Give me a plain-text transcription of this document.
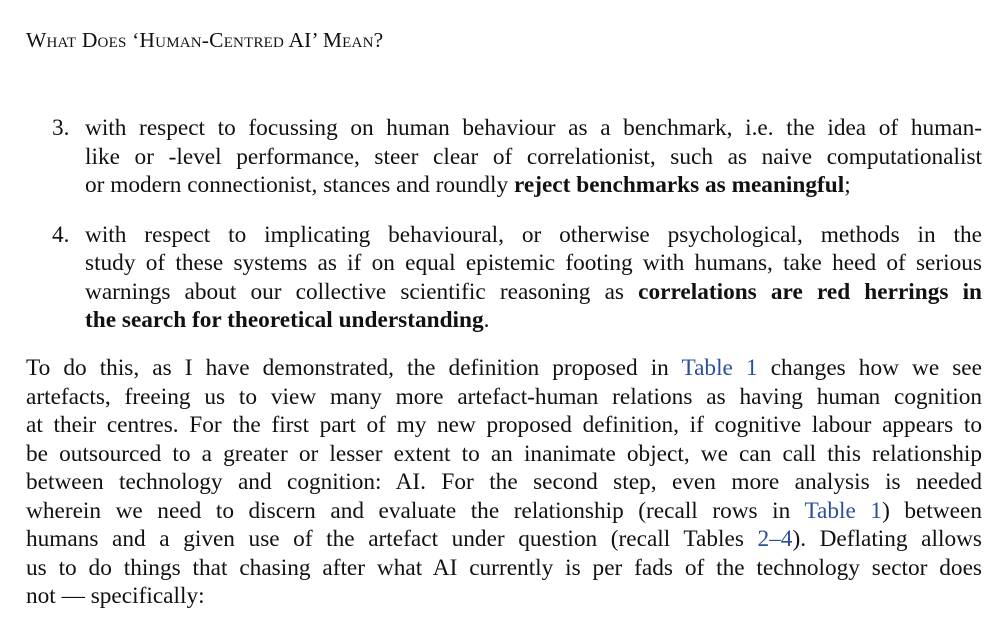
What Does ‘Human-Centred AI’ Mean?
3. with respect to focussing on human behaviour as a benchmark, i.e. the idea of human-
like or -level performance, steer clear of correlationist, such as naive computationalist
or modern connectionist, stances and roundly reject benchmarks as meaningful;
4. with respect to implicating behavioural, or otherwise psychological, methods in the
study of these systems as if on equal epistemic footing with humans, take heed of serious
warnings about our collective scientific reasoning as correlations are red herrings in
the search for theoretical understanding.
To do this, as I have demonstrated, the definition proposed in Table 1 changes how we see
artefacts, freeing us to view many more artefact-human relations as having human cognition
at their centres. For the first part of my new proposed definition, if cognitive labour appears to
be outsourced to a greater or lesser extent to an inanimate object, we can call this relationship
between technology and cognition: AI. For the second step, even more analysis is needed
wherein we need to discern and evaluate the relationship (recall rows in Table 1) between
humans and a given use of the artefact under question (recall Tables 2–4). Deflating allows
us to do things that chasing after what AI currently is per fads of the technology sector does
not — specifically:
